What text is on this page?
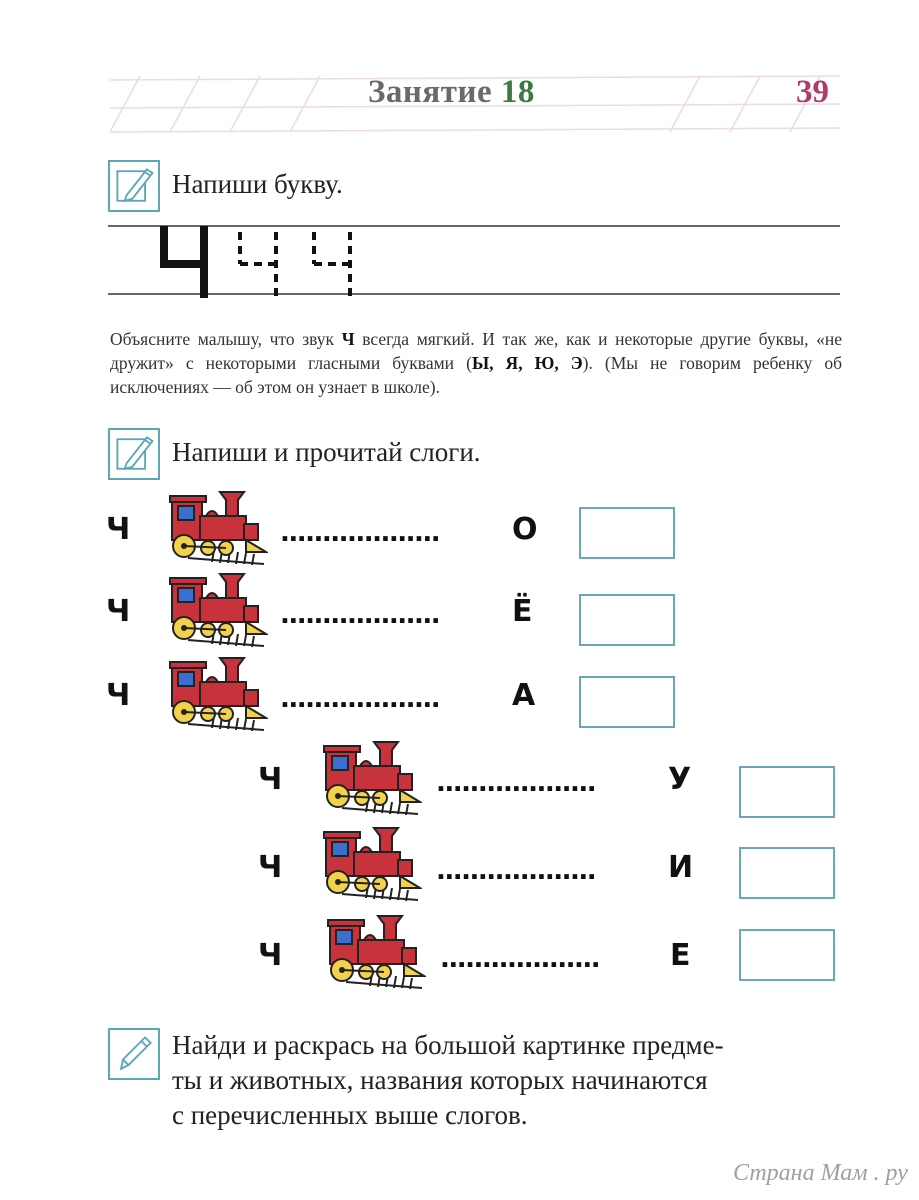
Занятие 18	39
Напиши букву.
Объясните малышу, что звук Ч всегда мягкий. И так же, как и некоторые другие буквы, «не дружит» с некоторыми гласными буквами (Ы, Я, Ю, Э). (Мы не говорим ребенку об исключениях — об этом он узнает в школе).
Напиши и прочитай слоги.
Ч	................... О
Ч	................... Ё
Ч	................... А
Ч	................... У
Ч	................... И
Ч	................... Е
Найди и раскрась на большой картинке предме-
ты и животных, названия которых начинаются
с перечисленных выше слогов.
Страна Мам . ру
